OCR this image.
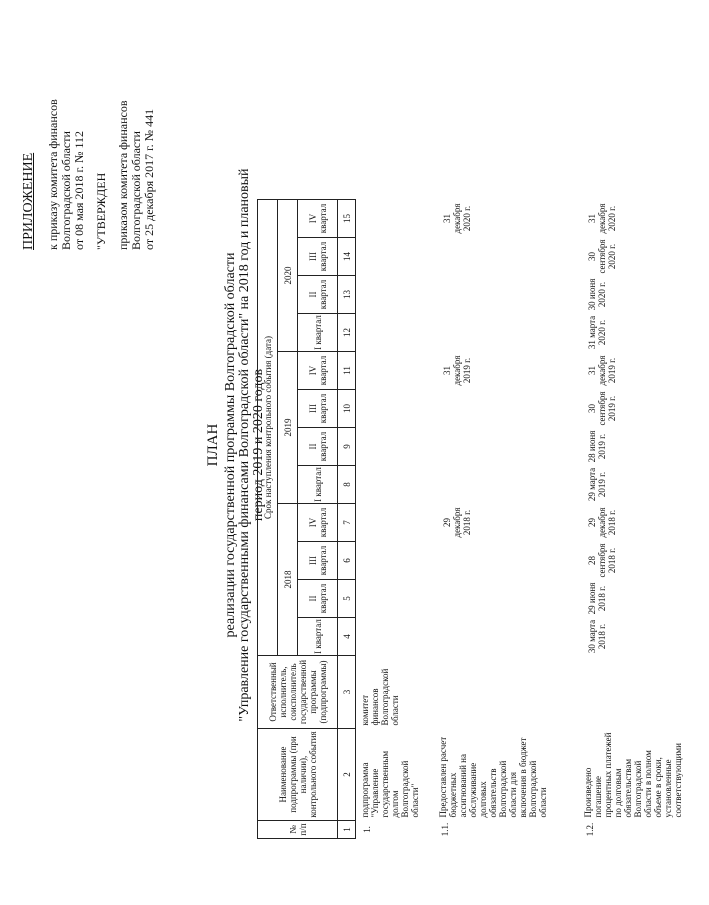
ПРИЛОЖЕНИЕ к приказу комитета финансов Волгоградской области от 08 мая 2018 г. № 112 "УТВЕРЖДЕН приказом комитета финансов Волгоградской области от 25 декабря 2017 г. № 441
ПЛАН реализации государственной программы Волгоградской области "Управление государственными финансами Волгоградской области" на 2018 год и плановый период 2019 и 2020 годов
№ п/п	Наименование подпрограммы (при наличии), контрольного события	Ответственный исполнитель, соисполнитель государственной программы (подпрограммы)	Срок наступления контрольного события (дата)											
			2018				2019				2020			
			I квартал	II квартал	III квартал	IV квартал	I квартал	II квартал	III квартал	IV квартал	I квартал	II квартал	III квартал	IV квартал
1	2	3	4	5	6	7	8	9	10	11	12	13	14	15
1.	подпрограмма "Управление государственным долгом Волгоградской области"	комитет финансов Волгоградской области												
1.1.	Предоставлен расчет бюджетных ассигнований на обслуживание долговых обязательств Волгоградской области для включения в бюджет Волгоградской области					29 декабря 2018 г.				31 декабря 2019 г.				31 декабря 2020 г.
1.2.	Произведено погашение процентных платежей по долговым обязательствам Волгоградской области в полном объеме в сроки, установленные соответствующими		30 марта 2018 г.	29 июня 2018 г.	28 сентября 2018 г.	29 декабря 2018 г.	29 марта 2019 г.	28 июня 2019 г.	30 сентября 2019 г.	31 декабря 2019 г.	31 марта 2020 г.	30 июня 2020 г.	30 сентября 2020 г.	31 декабря 2020 г.
